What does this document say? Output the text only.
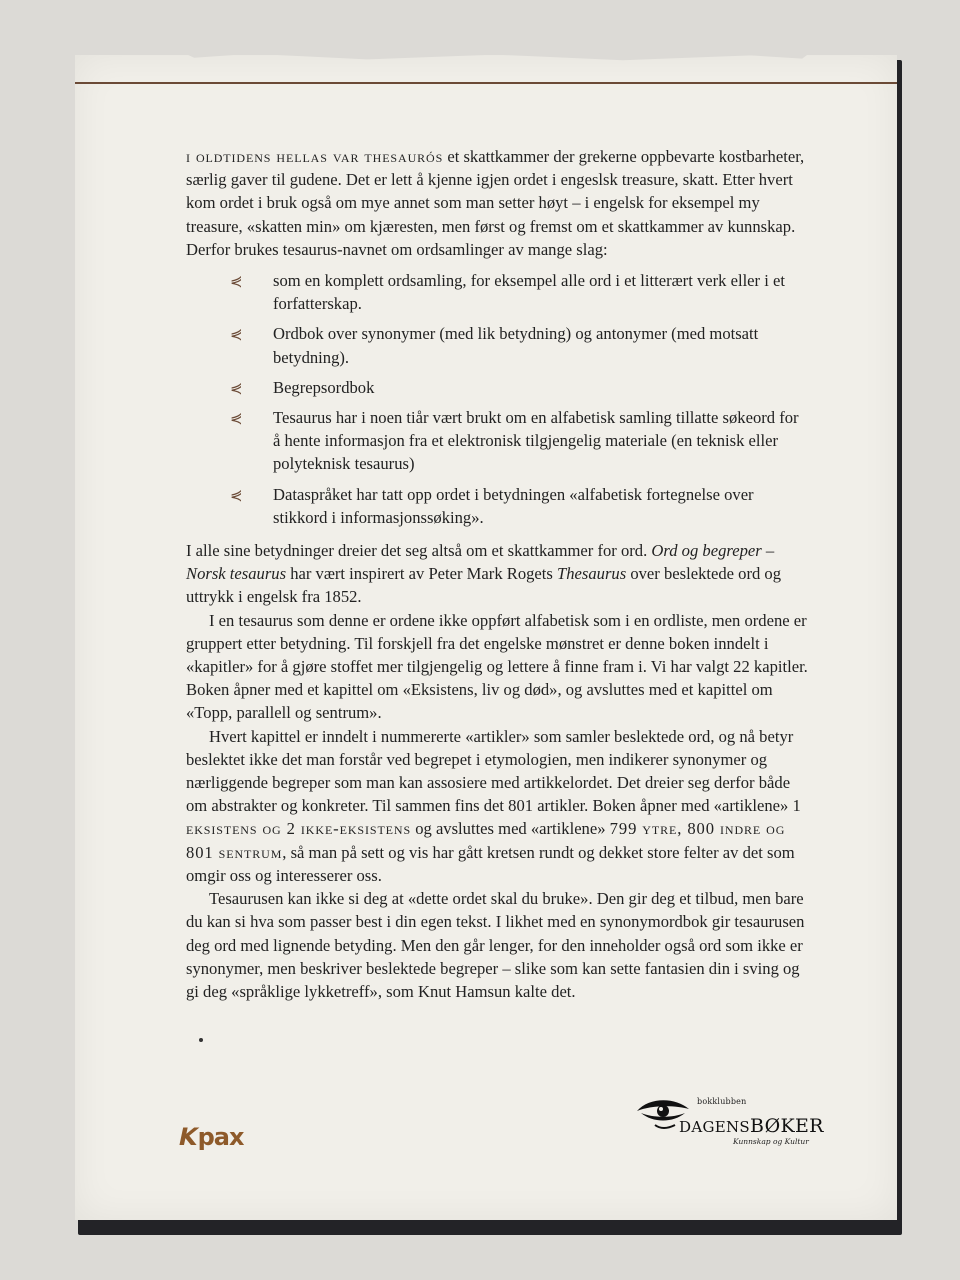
i oldtidens hellas var thesaurós et skattkammer der grekerne oppbevarte kostbarheter, særlig gaver til gudene. Det er lett å kjenne igjen ordet i engeslsk treasure, skatt. Etter hvert kom ordet i bruk også om mye annet som man setter høyt – i engelsk for eksempel my treasure, «skatten min» om kjæresten, men først og fremst om et skattkammer av kunnskap. Derfor brukes tesaurus-navnet om ordsamlinger av mange slag:

⋞ som en komplett ordsamling, for eksempel alle ord i et litterært verk eller i et forfatterskap.
⋞ Ordbok over synonymer (med lik betydning) og antonymer (med motsatt betydning).
⋞ Begrepsordbok
⋞ Tesaurus har i noen tiår vært brukt om en alfabetisk samling tillatte søkeord for å hente informasjon fra et elektronisk tilgjengelig materiale (en teknisk eller polyteknisk tesaurus)
⋞ Dataspråket har tatt opp ordet i betydningen «alfabetisk fortegnelse over stikkord i informasjonssøking».

I alle sine betydninger dreier det seg altså om et skattkammer for ord. Ord og begreper – Norsk tesaurus har vært inspirert av Peter Mark Rogets Thesaurus over beslektede ord og uttrykk i engelsk fra 1852.

I en tesaurus som denne er ordene ikke oppført alfabetisk som i en ordliste, men ordene er gruppert etter betydning. Til forskjell fra det engelske mønstret er denne boken inndelt i «kapitler» for å gjøre stoffet mer tilgjengelig og lettere å finne fram i. Vi har valgt 22 kapitler. Boken åpner med et kapittel om «Eksistens, liv og død», og avsluttes med et kapittel om «Topp, parallell og sentrum».

Hvert kapittel er inndelt i nummererte «artikler» som samler beslektede ord, og nå betyr beslektet ikke det man forstår ved begrepet i etymologien, men indikerer synonymer og nærliggende begreper som man kan assosiere med artikkelordet. Det dreier seg derfor både om abstrakter og konkreter. Til sammen fins det 801 artikler. Boken åpner med «artiklene» 1 eksistens og 2 ikke-eksistens og avsluttes med «artiklene» 799 ytre, 800 indre og 801 sentrum, så man på sett og vis har gått kretsen rundt og dekket store felter av det som omgir oss og interesserer oss.

Tesaurusen kan ikke si deg at «dette ordet skal du bruke». Den gir deg et tilbud, men bare du kan si hva som passer best i din egen tekst. I likhet med en synonymordbok gir tesaurusen deg ord med lignende betyding. Men den går lenger, for den inneholder også ord som ikke er synonymer, men beskriver beslektede begreper – slike som kan sette fantasien din i sving og gi deg «språklige lykketreff», som Knut Hamsun kalte det.

Kpax
bokklubben
DAGENSBØKER
Kunnskap og Kultur
